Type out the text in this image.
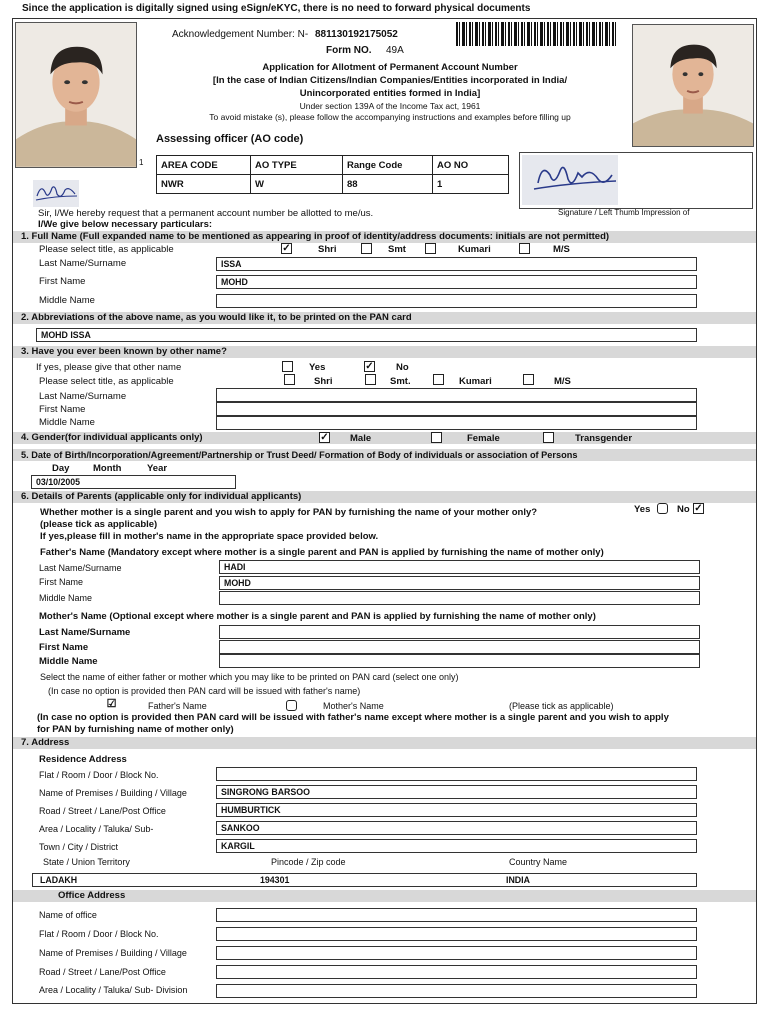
Since the application is digitally signed using eSign/eKYC, there is no need to forward physical documents
1
Acknowledgement Number: N- 881130192175052
Form NO. 49A
Application for Allotment of Permanent Account Number
[In the case of Indian Citizens/Indian Companies/Entities incorporated in India/
Unincorporated entities formed in India]
Under section 139A of the Income Tax act, 1961
To avoid mistake (s), please follow the accompanying instructions and examples before filling up
Assessing officer (AO code)
AREA CODE	AO TYPE	Range Code	AO NO
NWR	W	88	1
Signature / Left Thumb Impression of
Sir, I/We hereby request that a permanent account number be allotted to me/us.
I/We give below necessary particulars:
1. Full Name (Full expanded name to be mentioned as appearing in proof of identity/address documents: initials are not permitted)
Please select title, as applicable	✓	Shri	Smt	Kumari	M/S
Last Name/Surname	ISSA
First Name	MOHD
Middle Name
2. Abbreviations of the above name, as you would like it, to be printed on the PAN card
MOHD ISSA
3. Have you ever been known by other name?
If yes, please give that other name	Yes	✓ No
Please select title, as applicable	Shri	Smt.	Kumari	M/S
Last Name/Surname
First Name
Middle Name
4. Gender(for individual applicants only)	✓ Male	Female	Transgender
5. Date of Birth/Incorporation/Agreement/Partnership or Trust Deed/ Formation of Body of individuals or association of Persons
Day Month	Year
03/10/2005
6. Details of Parents (applicable only for individual applicants)
Whether mother is a single parent and you wish to apply for PAN by furnishing the name of your mother only?	Yes	No ✓
(please tick as applicable)
If yes,please fill in mother's name in the appropriate space provided below.
Father's Name (Mandatory except where mother is a single parent and PAN is applied by furnishing the name of mother only)
Last Name/Surname	HADI
First Name	MOHD
Middle Name
Mother's Name (Optional except where mother is a single parent and PAN is applied by furnishing the name of mother only)
Last Name/Surname
First Name
Middle Name
Select the name of either father or mother which you may like to be printed on PAN card (select one only)
(In case no option is provided then PAN card will be issued with father's name)
☑	Father's Name	Mother's Name	(Please tick as applicable)
(In case no option is provided then PAN card will be issued with father's name except where mother is a single parent and you wish to apply
for PAN by furnishing name of mother only)
7. Address
Residence Address
Flat / Room / Door / Block No.
Name of Premises / Building / Village	SINGRONG BARSOO
Road / Street / Lane/Post Office	HUMBURTICK
Area / Locality / Taluka/ Sub-	SANKOO
Town / City / District	KARGIL
State / Union Territory	Pincode / Zip code	Country Name
LADAKH	194301	INDIA
Office Address
Name of office
Flat / Room / Door / Block No.
Name of Premises / Building / Village
Road / Street / Lane/Post Office
Area / Locality / Taluka/ Sub- Division
